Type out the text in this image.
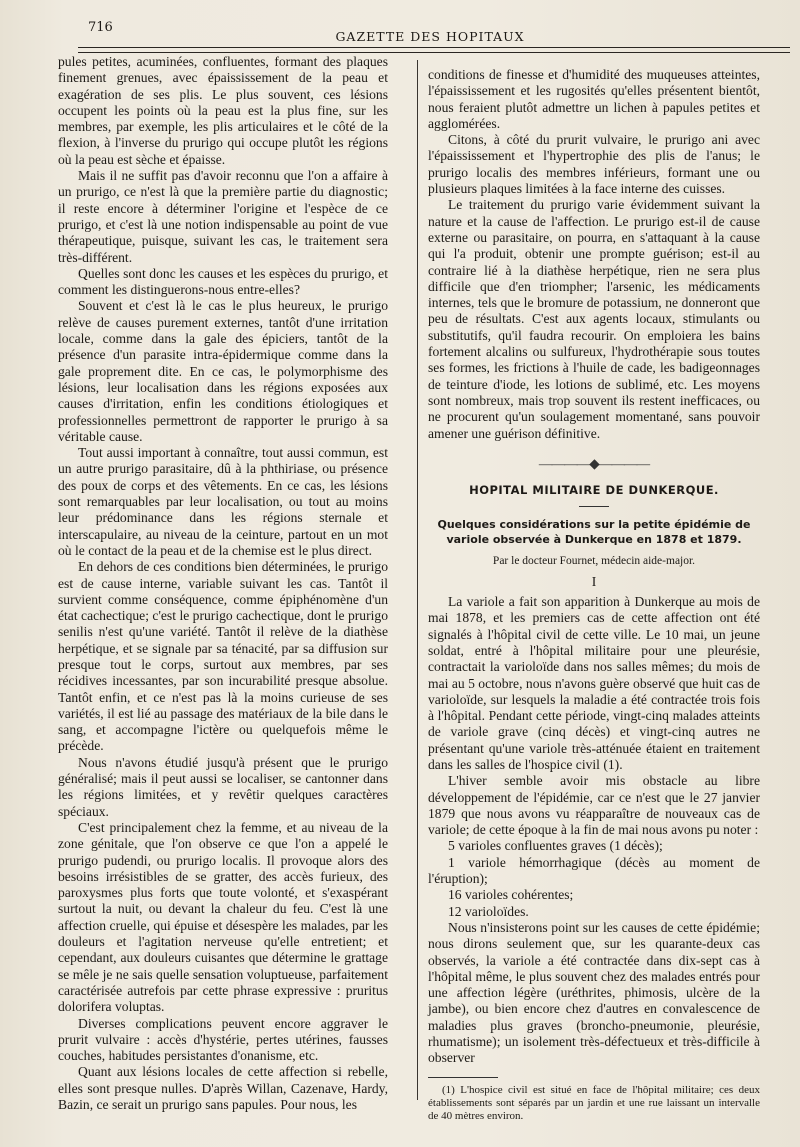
716
GAZETTE DES HOPITAUX

pules petites, acuminées, confluentes, formant des plaques finement grenues, avec épaississement de la peau et exagération de ses plis. Le plus souvent, ces lésions occupent les points où la peau est la plus fine, sur les membres, par exemple, les plis articulaires et le côté de la flexion, à l'inverse du prurigo qui occupe plutôt les régions où la peau est sèche et épaisse.

Mais il ne suffit pas d'avoir reconnu que l'on a affaire à un prurigo, ce n'est là que la première partie du diagnostic; il reste encore à déterminer l'origine et l'espèce de ce prurigo, et c'est là une notion indispensable au point de vue thérapeutique, puisque, suivant les cas, le traitement sera très-différent.

Quelles sont donc les causes et les espèces du prurigo, et comment les distinguerons-nous entre-elles?

Souvent et c'est là le cas le plus heureux, le prurigo relève de causes purement externes, tantôt d'une irritation locale, comme dans la gale des épiciers, tantôt de la présence d'un parasite intra-épidermique comme dans la gale proprement dite. En ce cas, le polymorphisme des lésions, leur localisation dans les régions exposées aux causes d'irritation, enfin les conditions étiologiques et professionnelles permettront de rapporter le prurigo à sa véritable cause.

Tout aussi important à connaître, tout aussi commun, est un autre prurigo parasitaire, dû à la phthiriase, ou présence des poux de corps et des vêtements. En ce cas, les lésions sont remarquables par leur localisation, ou tout au moins leur prédominance dans les régions sternale et interscapulaire, au niveau de la ceinture, partout en un mot où le contact de la peau et de la chemise est le plus direct.

En dehors de ces conditions bien déterminées, le prurigo est de cause interne, variable suivant les cas. Tantôt il survient comme conséquence, comme épiphénomène d'un état cachectique; c'est le prurigo cachectique, dont le prurigo senilis n'est qu'une variété. Tantôt il relève de la diathèse herpétique, et se signale par sa ténacité, par sa diffusion sur presque tout le corps, surtout aux membres, par ses récidives incessantes, par son incurabilité presque absolue. Tantôt enfin, et ce n'est pas là la moins curieuse de ses variétés, il est lié au passage des matériaux de la bile dans le sang, et accompagne l'ictère ou quelquefois même le précède.

Nous n'avons étudié jusqu'à présent que le prurigo généralisé; mais il peut aussi se localiser, se cantonner dans les régions limitées, et y revêtir quelques caractères spéciaux.

C'est principalement chez la femme, et au niveau de la zone génitale, que l'on observe ce que l'on a appelé le prurigo pudendi, ou prurigo localis. Il provoque alors des besoins irrésistibles de se gratter, des accès furieux, des paroxysmes plus forts que toute volonté, et s'exaspérant surtout la nuit, ou devant la chaleur du feu. C'est là une affection cruelle, qui épuise et désespère les malades, par les douleurs et l'agitation nerveuse qu'elle entretient; et cependant, aux douleurs cuisantes que détermine le grattage se mêle je ne sais quelle sensation voluptueuse, parfaitement caractérisée autrefois par cette phrase expressive : pruritus dolorifera voluptas.

Diverses complications peuvent encore aggraver le prurit vulvaire : accès d'hystérie, pertes utérines, fausses couches, habitudes persistantes d'onanisme, etc.

Quant aux lésions locales de cette affection si rebelle, elles sont presque nulles. D'après Willan, Cazenave, Hardy, Bazin, ce serait un prurigo sans papules. Pour nous, les

conditions de finesse et d'humidité des muqueuses atteintes, l'épaississement et les rugosités qu'elles présentent bientôt, nous feraient plutôt admettre un lichen à papules petites et agglomérées.

Citons, à côté du prurit vulvaire, le prurigo ani avec l'épaississement et l'hypertrophie des plis de l'anus; le prurigo localis des membres inférieurs, formant une ou plusieurs plaques limitées à la face interne des cuisses.

Le traitement du prurigo varie évidemment suivant la nature et la cause de l'affection. Le prurigo est-il de cause externe ou parasitaire, on pourra, en s'attaquant à la cause qui l'a produit, obtenir une prompte guérison; est-il au contraire lié à la diathèse herpétique, rien ne sera plus difficile que d'en triompher; l'arsenic, les médicaments internes, tels que le bromure de potassium, ne donneront que peu de résultats. C'est aux agents locaux, stimulants ou substitutifs, qu'il faudra recourir. On emploiera les bains fortement alcalins ou sulfureux, l'hydrothérapie sous toutes ses formes, les frictions à l'huile de cade, les badigeonnages de teinture d'iode, les lotions de sublimé, etc. Les moyens sont nombreux, mais trop souvent ils restent inefficaces, ou ne procurent qu'un soulagement momentané, sans pouvoir amener une guérison définitive.

――――◆――――
HOPITAL MILITAIRE DE DUNKERQUE.
Quelques considérations sur la petite épidémie de variole observée à Dunkerque en 1878 et 1879.
Par le docteur Fournet, médecin aide-major.
I

La variole a fait son apparition à Dunkerque au mois de mai 1878, et les premiers cas de cette affection ont été signalés à l'hôpital civil de cette ville. Le 10 mai, un jeune soldat, entré à l'hôpital militaire pour une pleurésie, contractait la varioloïde dans nos salles mêmes; du mois de mai au 5 octobre, nous n'avons guère observé que huit cas de varioloïde, sur lesquels la maladie a été contractée trois fois à l'hôpital. Pendant cette période, vingt-cinq malades atteints de variole grave (cinq décès) et vingt-cinq autres ne présentant qu'une variole très-atténuée étaient en traitement dans les salles de l'hospice civil (1).

L'hiver semble avoir mis obstacle au libre développement de l'épidémie, car ce n'est que le 27 janvier 1879 que nous avons vu réapparaître de nouveaux cas de variole; de cette époque à la fin de mai nous avons pu noter :

5 varioles confluentes graves (1 décès);

1 variole hémorrhagique (décès au moment de l'éruption);

16 varioles cohérentes;

12 varioloïdes.

Nous n'insisterons point sur les causes de cette épidémie; nous dirons seulement que, sur les quarante-deux cas observés, la variole a été contractée dans dix-sept cas à l'hôpital même, le plus souvent chez des malades entrés pour une affection légère (uréthrites, phimosis, ulcère de la jambe), ou bien encore chez d'autres en convalescence de maladies plus graves (broncho-pneumonie, pleurésie, rhumatisme); un isolement très-défectueux et très-difficile à observer

(1) L'hospice civil est situé en face de l'hôpital militaire; ces deux établissements sont séparés par un jardin et une rue laissant un intervalle de 40 mètres environ.
